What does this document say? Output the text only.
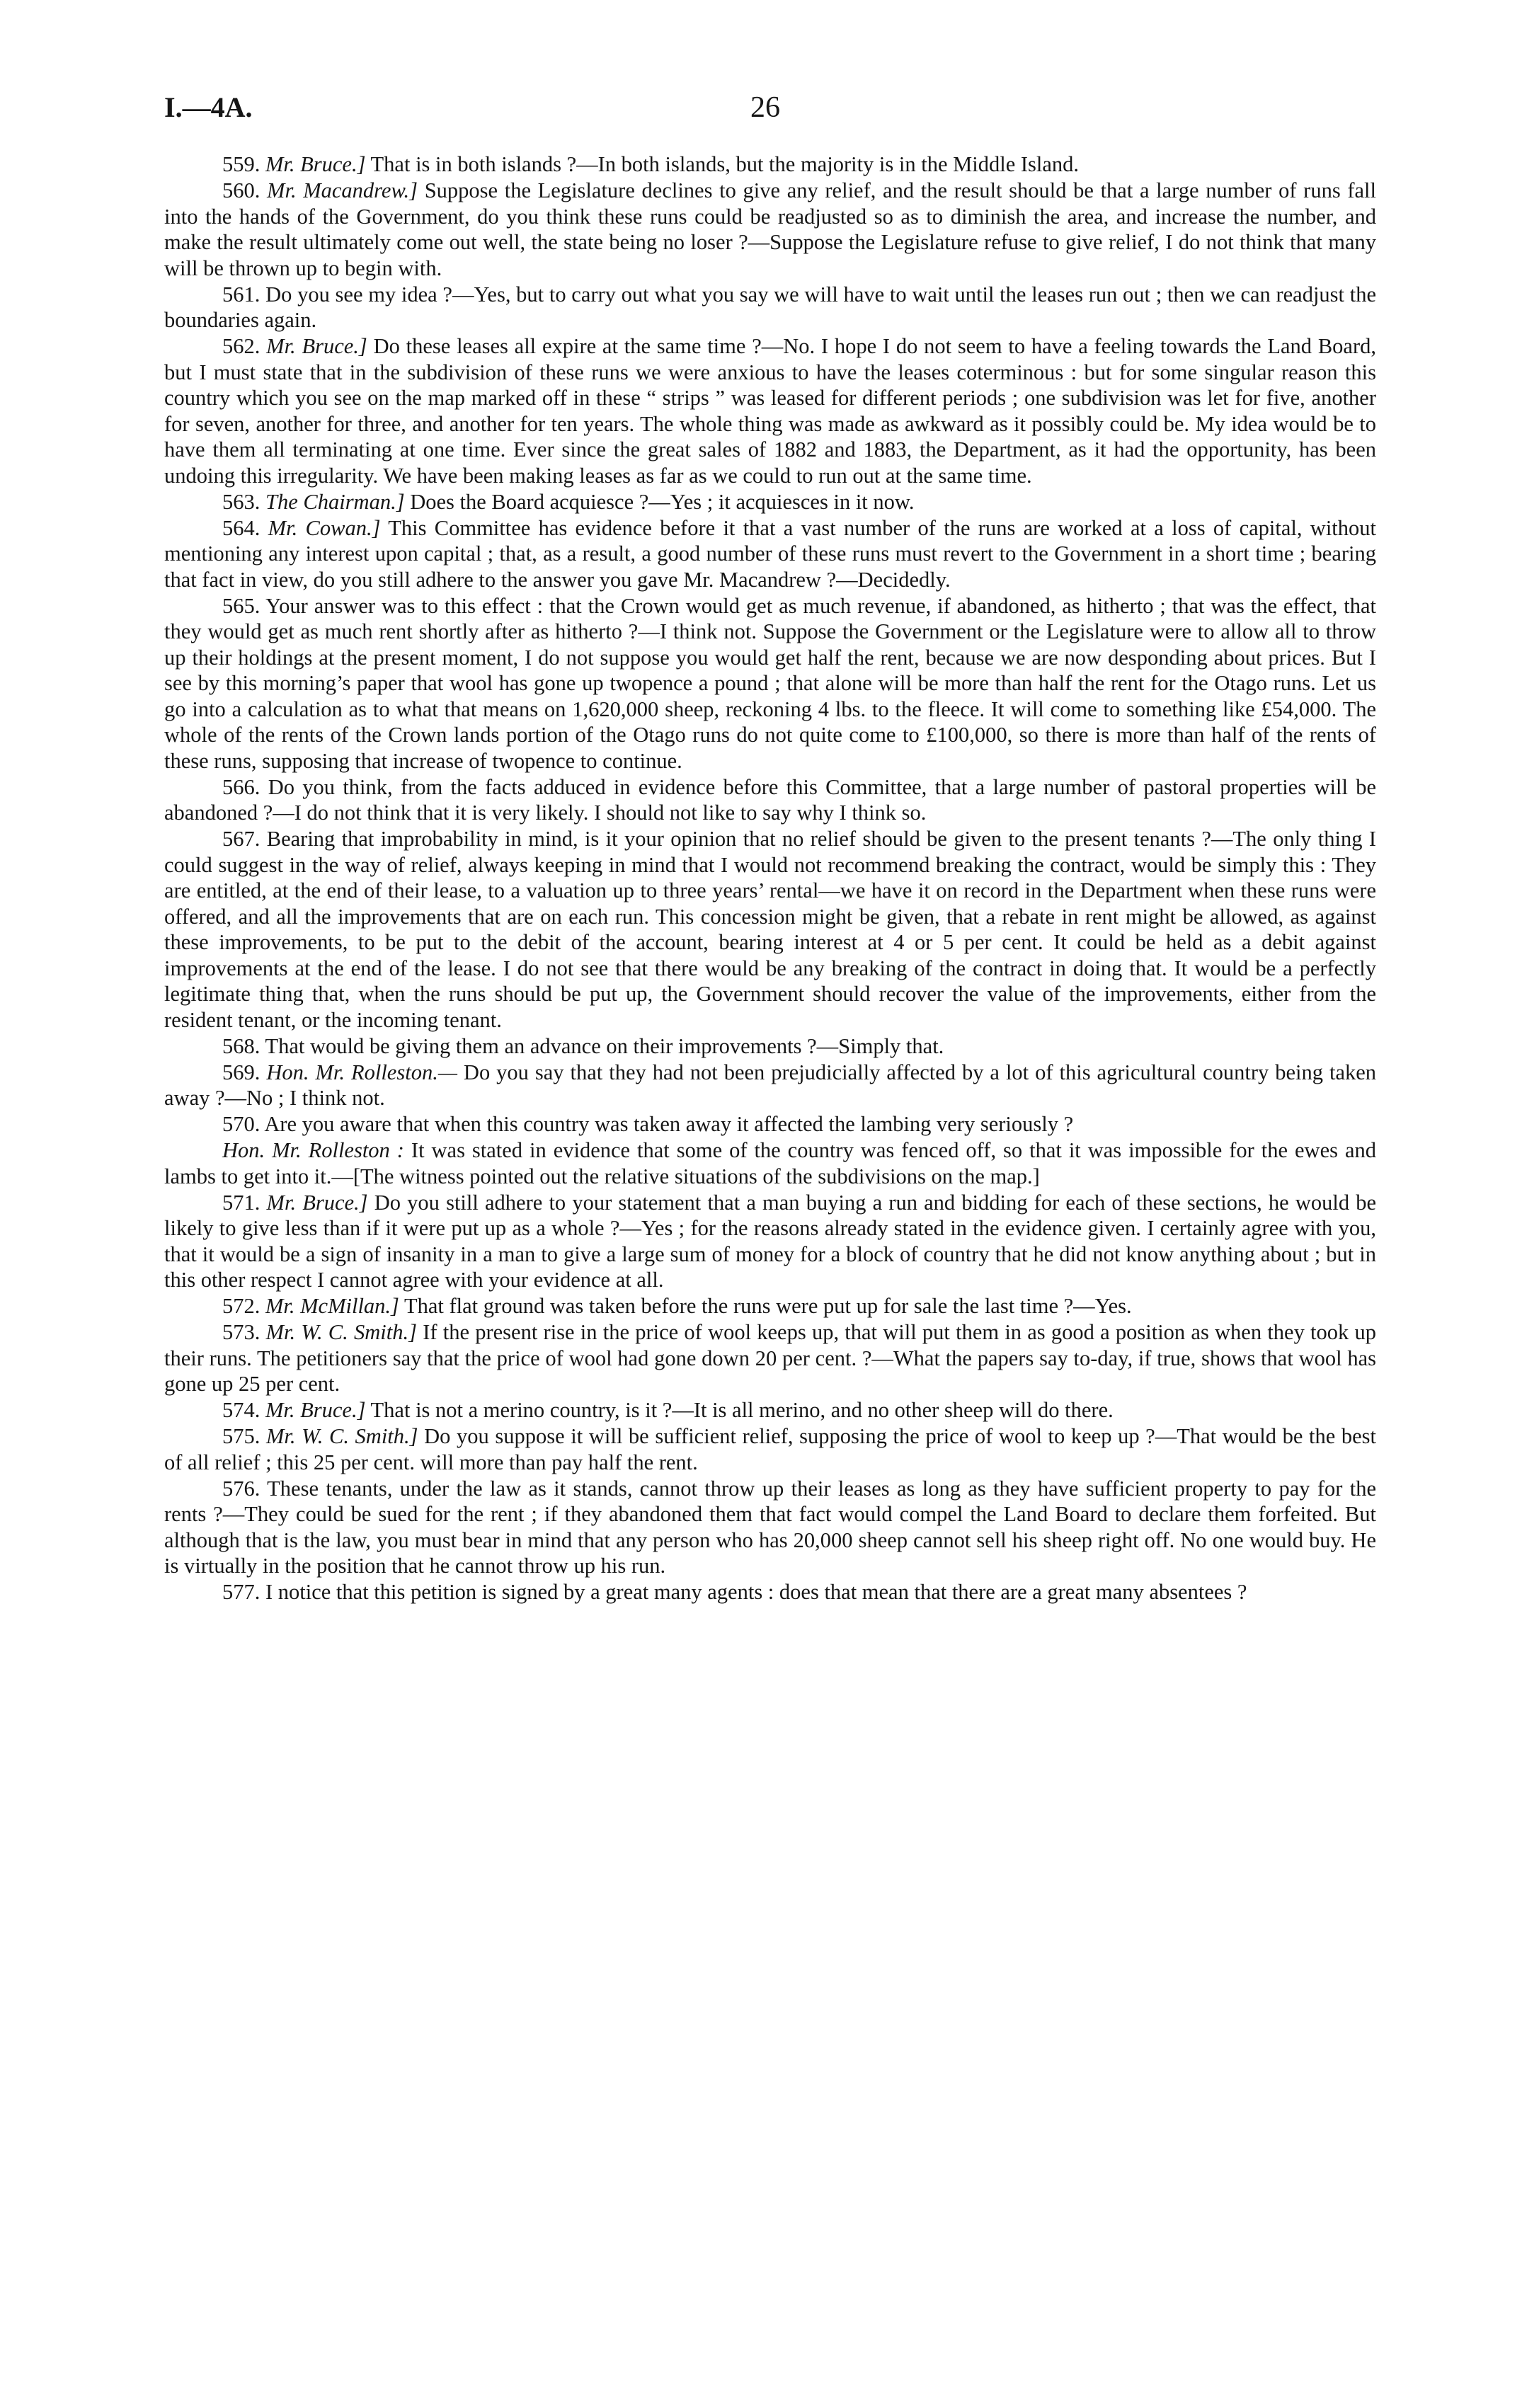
I.—4A.	26

559. Mr. Bruce.] That is in both islands ?—In both islands, but the majority is in the Middle Island.

560. Mr. Macandrew.] Suppose the Legislature declines to give any relief, and the result should be that a large number of runs fall into the hands of the Government, do you think these runs could be readjusted so as to diminish the area, and increase the number, and make the result ultimately come out well, the state being no loser ?—Suppose the Legislature refuse to give relief, I do not think that many will be thrown up to begin with.

561. Do you see my idea ?—Yes, but to carry out what you say we will have to wait until the leases run out ; then we can readjust the boundaries again.

562. Mr. Bruce.] Do these leases all expire at the same time ?—No. I hope I do not seem to have a feeling towards the Land Board, but I must state that in the subdivision of these runs we were anxious to have the leases coterminous : but for some singular reason this country which you see on the map marked off in these “ strips ” was leased for different periods ; one subdivision was let for five, another for seven, another for three, and another for ten years. The whole thing was made as awkward as it possibly could be. My idea would be to have them all terminating at one time. Ever since the great sales of 1882 and 1883, the Department, as it had the opportunity, has been undoing this irregularity. We have been making leases as far as we could to run out at the same time.

563. The Chairman.] Does the Board acquiesce ?—Yes ; it acquiesces in it now.

564. Mr. Cowan.] This Committee has evidence before it that a vast number of the runs are worked at a loss of capital, without mentioning any interest upon capital ; that, as a result, a good number of these runs must revert to the Government in a short time ; bearing that fact in view, do you still adhere to the answer you gave Mr. Macandrew ?—Decidedly.

565. Your answer was to this effect : that the Crown would get as much revenue, if abandoned, as hitherto ; that was the effect, that they would get as much rent shortly after as hitherto ?—I think not. Suppose the Government or the Legislature were to allow all to throw up their holdings at the present moment, I do not suppose you would get half the rent, because we are now desponding about prices. But I see by this morning’s paper that wool has gone up twopence a pound ; that alone will be more than half the rent for the Otago runs. Let us go into a calculation as to what that means on 1,620,000 sheep, reckoning 4 lbs. to the fleece. It will come to something like £54,000. The whole of the rents of the Crown lands portion of the Otago runs do not quite come to £100,000, so there is more than half of the rents of these runs, supposing that increase of twopence to continue.

566. Do you think, from the facts adduced in evidence before this Committee, that a large number of pastoral properties will be abandoned ?—I do not think that it is very likely. I should not like to say why I think so.

567. Bearing that improbability in mind, is it your opinion that no relief should be given to the present tenants ?—The only thing I could suggest in the way of relief, always keeping in mind that I would not recommend breaking the contract, would be simply this : They are entitled, at the end of their lease, to a valuation up to three years’ rental—we have it on record in the Department when these runs were offered, and all the improvements that are on each run. This concession might be given, that a rebate in rent might be allowed, as against these improvements, to be put to the debit of the account, bearing interest at 4 or 5 per cent. It could be held as a debit against improvements at the end of the lease. I do not see that there would be any breaking of the contract in doing that. It would be a perfectly legitimate thing that, when the runs should be put up, the Government should recover the value of the improvements, either from the resident tenant, or the incoming tenant.

568. That would be giving them an advance on their improvements ?—Simply that.

569. Hon. Mr. Rolleston.— Do you say that they had not been prejudicially affected by a lot of this agricultural country being taken away ?—No ; I think not.

570. Are you aware that when this country was taken away it affected the lambing very seriously ?

Hon. Mr. Rolleston : It was stated in evidence that some of the country was fenced off, so that it was impossible for the ewes and lambs to get into it.—[The witness pointed out the relative situations of the subdivisions on the map.]

571. Mr. Bruce.] Do you still adhere to your statement that a man buying a run and bidding for each of these sections, he would be likely to give less than if it were put up as a whole ?—Yes ; for the reasons already stated in the evidence given. I certainly agree with you, that it would be a sign of insanity in a man to give a large sum of money for a block of country that he did not know anything about ; but in this other respect I cannot agree with your evidence at all.

572. Mr. McMillan.] That flat ground was taken before the runs were put up for sale the last time ?—Yes.

573. Mr. W. C. Smith.] If the present rise in the price of wool keeps up, that will put them in as good a position as when they took up their runs. The petitioners say that the price of wool had gone down 20 per cent. ?—What the papers say to-day, if true, shows that wool has gone up 25 per cent.

574. Mr. Bruce.] That is not a merino country, is it ?—It is all merino, and no other sheep will do there.

575. Mr. W. C. Smith.] Do you suppose it will be sufficient relief, supposing the price of wool to keep up ?—That would be the best of all relief ; this 25 per cent. will more than pay half the rent.

576. These tenants, under the law as it stands, cannot throw up their leases as long as they have sufficient property to pay for the rents ?—They could be sued for the rent ; if they abandoned them that fact would compel the Land Board to declare them forfeited. But although that is the law, you must bear in mind that any person who has 20,000 sheep cannot sell his sheep right off. No one would buy. He is virtually in the position that he cannot throw up his run.

577. I notice that this petition is signed by a great many agents : does that mean that there are a great many absentees ?
